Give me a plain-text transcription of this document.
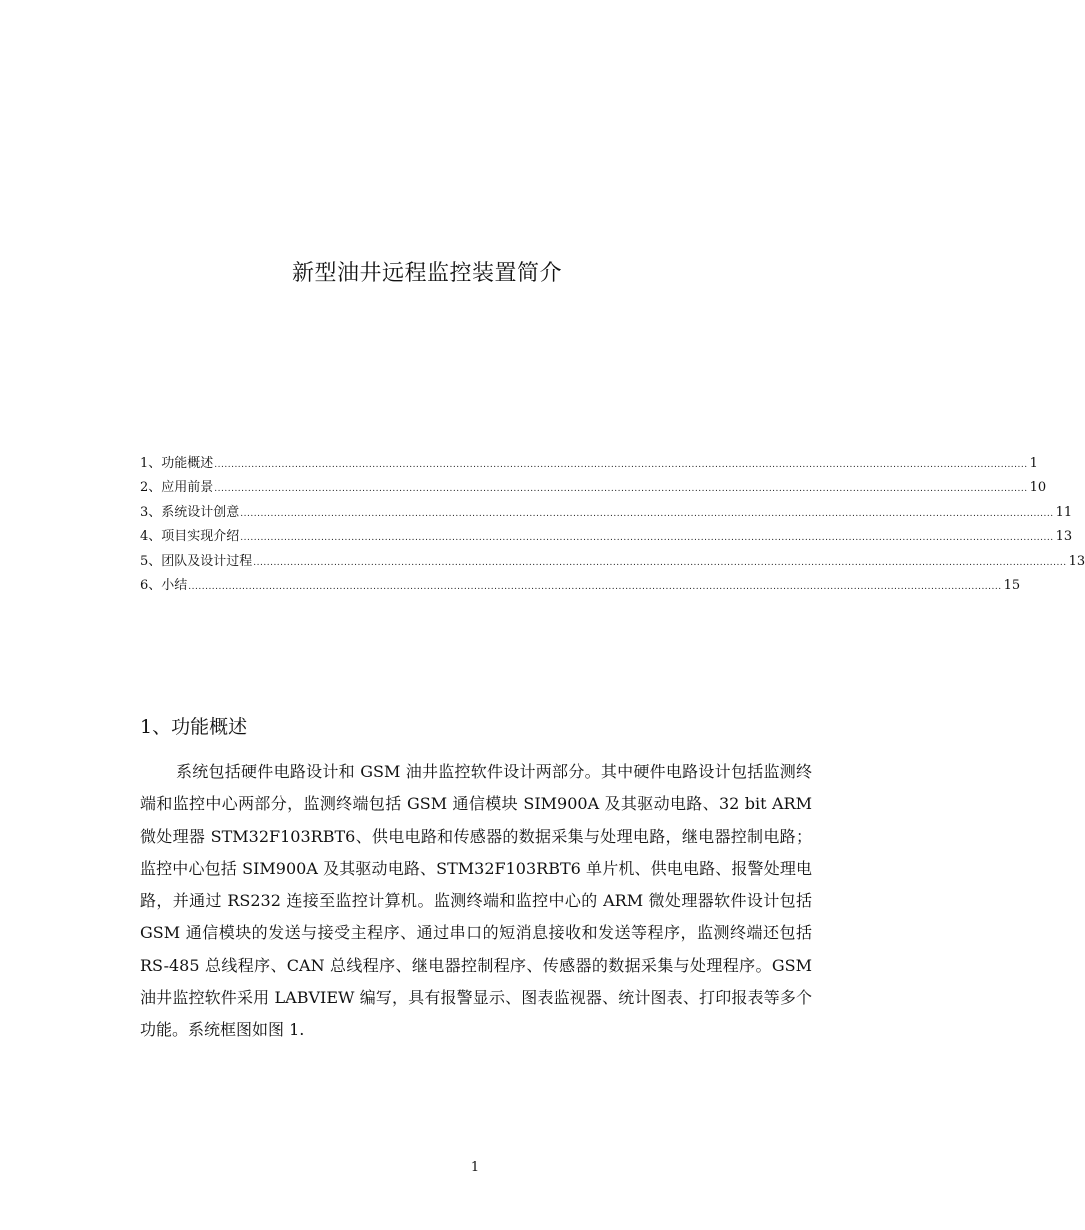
新型油井远程监控装置简介
1、功能概述 .................................................................................................................................................................................................................................................. 1
2、应用前景 .................................................................................................................................................................................................................................................. 10
3、系统设计创意 .................................................................................................................................................................................................................................................. 11
4、项目实现介绍 .................................................................................................................................................................................................................................................. 13
5、团队及设计过程 .................................................................................................................................................................................................................................................. 13
6、小结 .................................................................................................................................................................................................................................................. 15
1、功能概述

系统包括硬件电路设计和 GSM 油井监控软件设计两部分。其中硬件电路设计包括监测终端和监控中心两部分，监测终端包括 GSM 通信模块 SIM900A 及其驱动电路、32 bit ARM 微处理器 STM32F103RBT6、供电电路和传感器的数据采集与处理电路，继电器控制电路；监控中心包括 SIM900A 及其驱动电路、STM32F103RBT6 单片机、供电电路、报警处理电路，并通过 RS232 连接至监控计算机。监测终端和监控中心的 ARM 微处理器软件设计包括 GSM 通信模块的发送与接受主程序、通过串口的短消息接收和发送等程序，监测终端还包括 RS-485 总线程序、CAN 总线程序、继电器控制程序、传感器的数据采集与处理程序。GSM 油井监控软件采用 LABVIEW 编写，具有报警显示、图表监视器、统计图表、打印报表等多个功能。系统框图如图 1.

1
